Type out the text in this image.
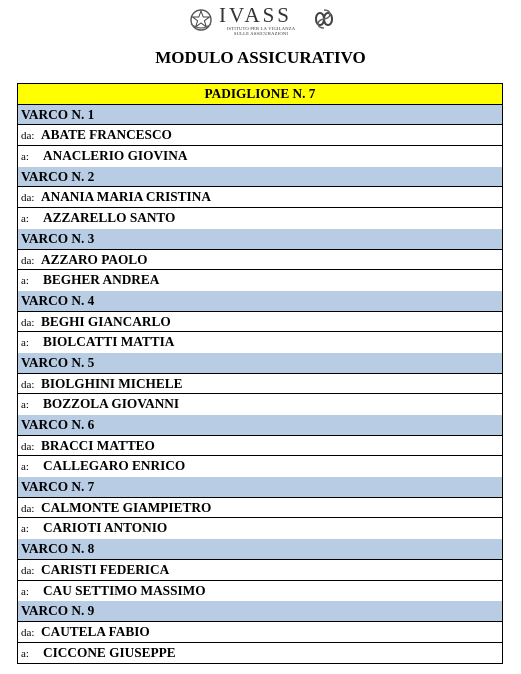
IVASS
ISTITUTO PER LA VIGILANZA
SULLE ASSICURAZIONI
MODULO ASSICURATIVO
PADIGLIONE N. 7
VARCO N. 1
da: ABATE FRANCESCO
a: ANACLERIO GIOVINA
VARCO N. 2
da: ANANIA MARIA CRISTINA
a: AZZARELLO SANTO
VARCO N. 3
da: AZZARO PAOLO
a: BEGHER ANDREA
VARCO N. 4
da: BEGHI GIANCARLO
a: BIOLCATTI MATTIA
VARCO N. 5
da: BIOLGHINI MICHELE
a: BOZZOLA GIOVANNI
VARCO N. 6
da: BRACCI MATTEO
a: CALLEGARO ENRICO
VARCO N. 7
da: CALMONTE GIAMPIETRO
a: CARIOTI ANTONIO
VARCO N. 8
da: CARISTI FEDERICA
a: CAU SETTIMO MASSIMO
VARCO N. 9
da: CAUTELA FABIO
a: CICCONE GIUSEPPE
